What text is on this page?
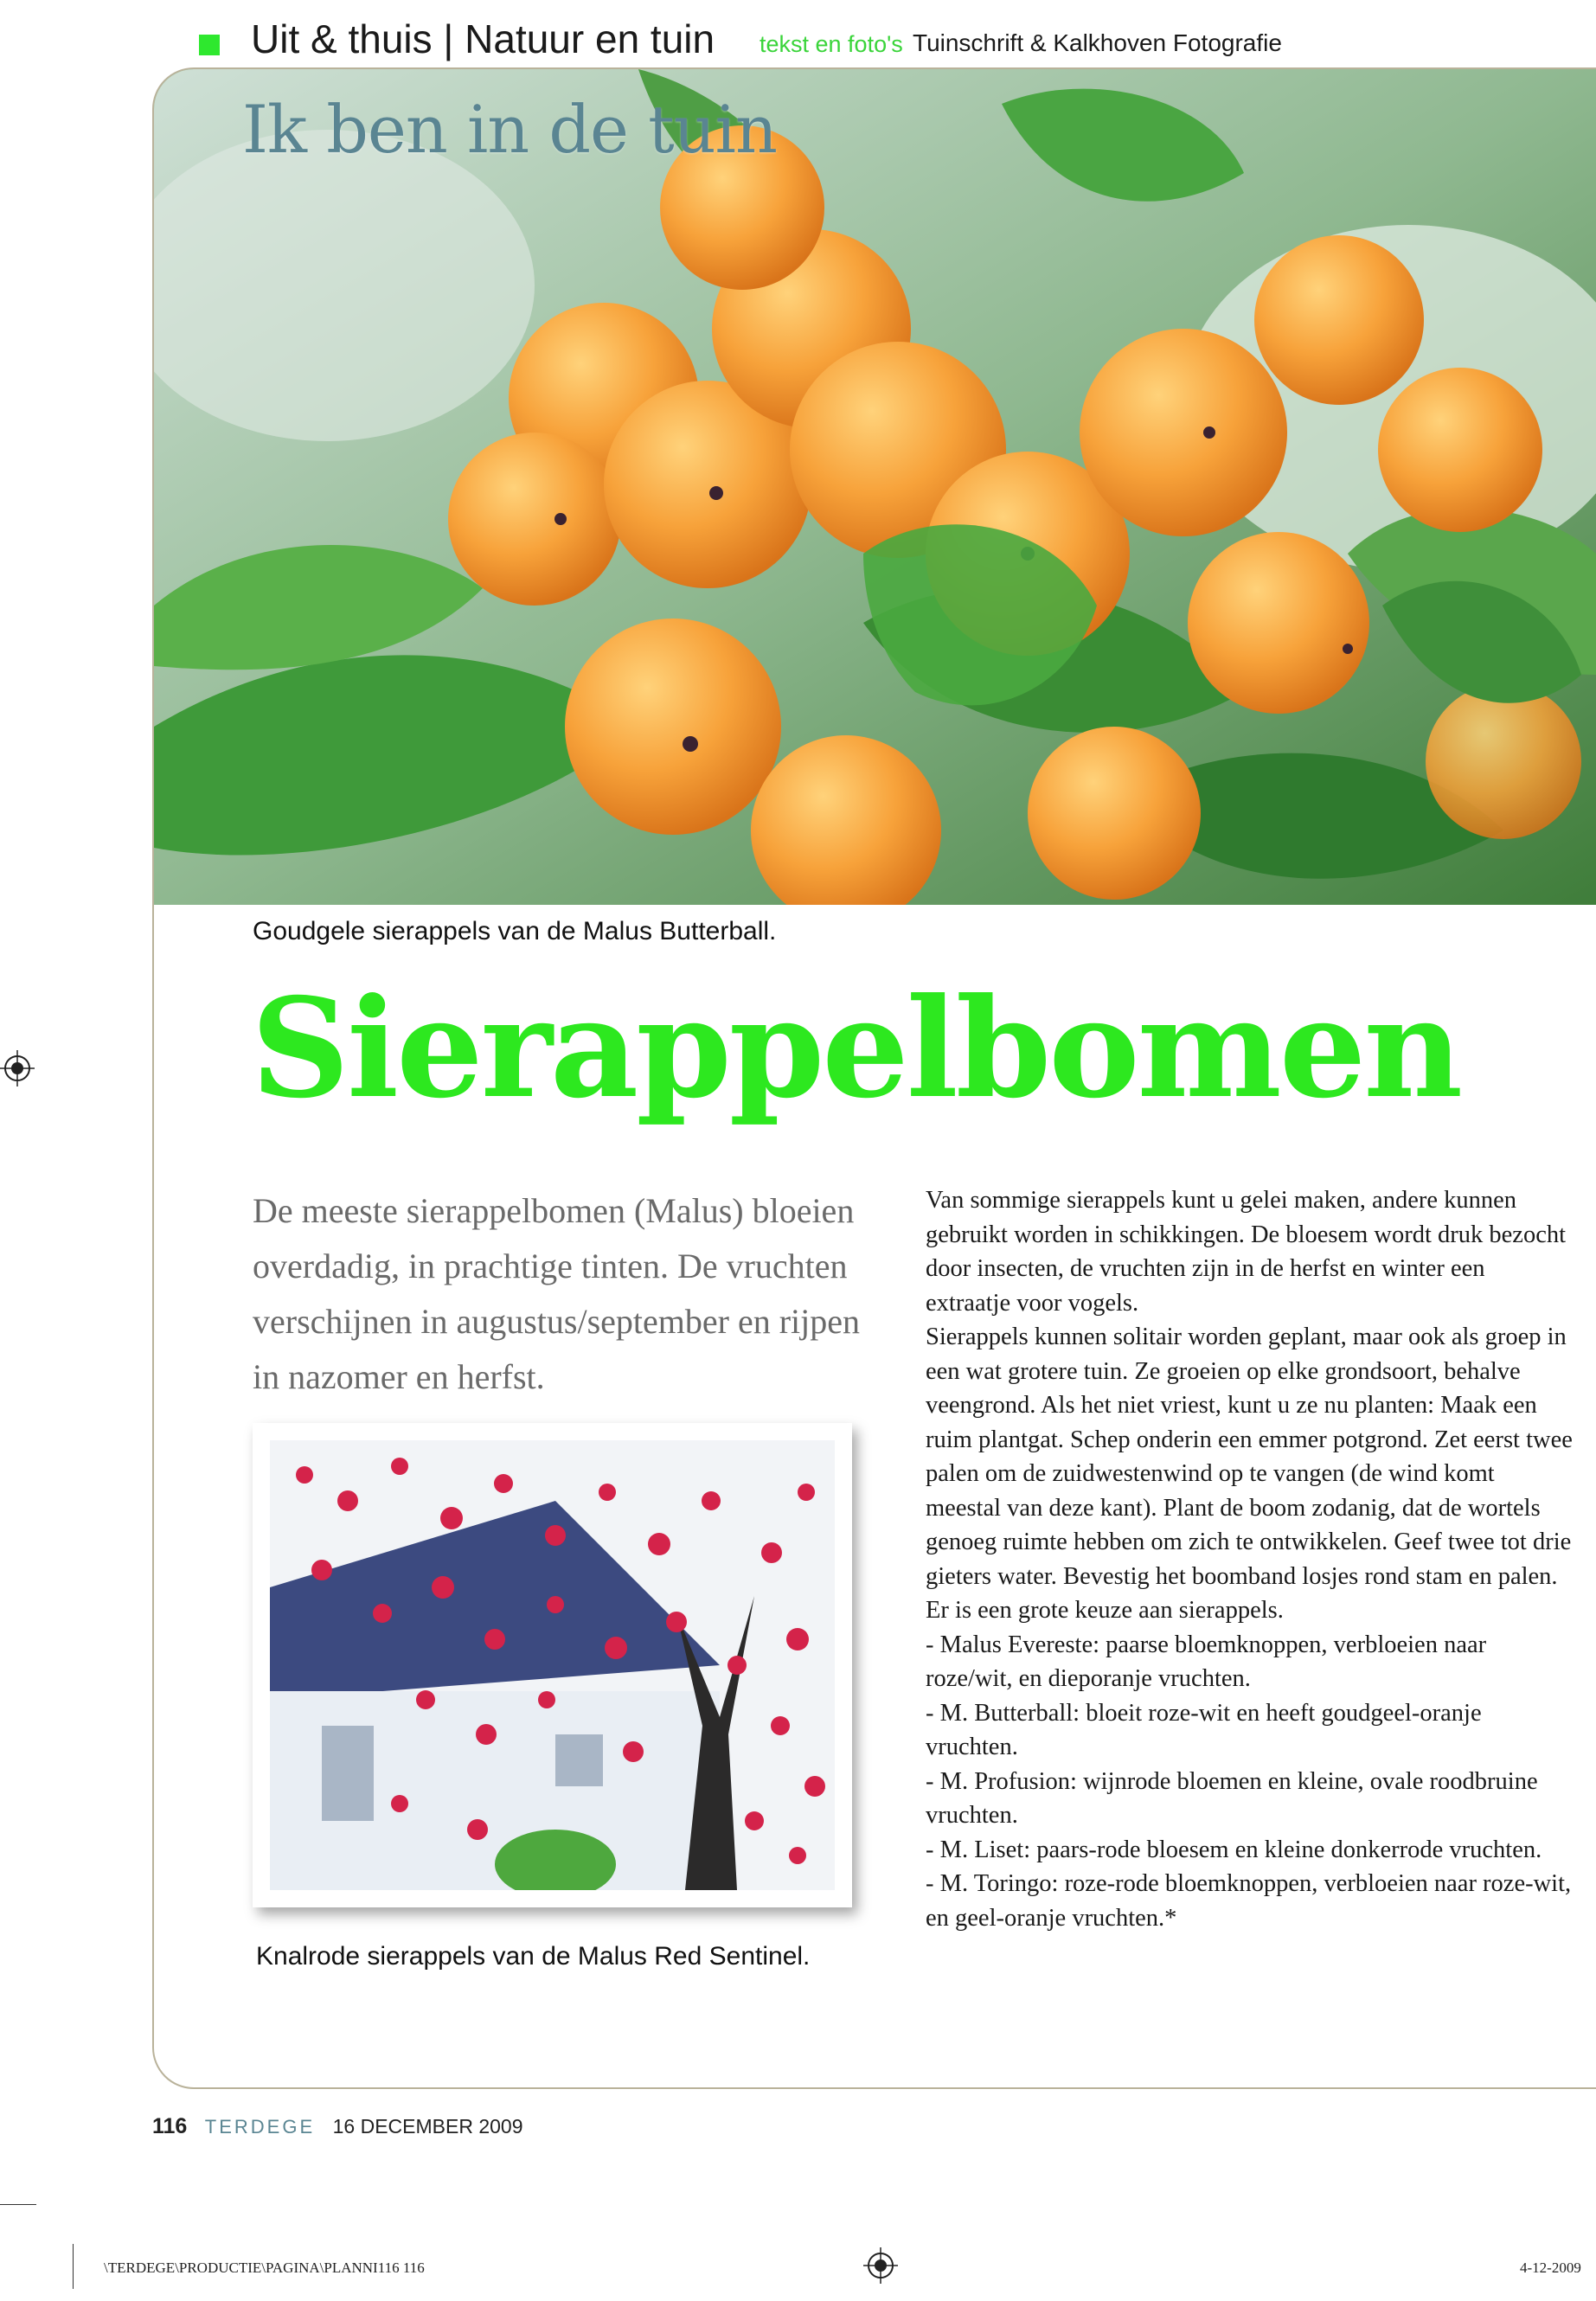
Uit & thuis | Natuur en tuin tekst en foto's Tuinschrift & Kalkhoven Fotografie
Ik ben in de tuin
Goudgele sierappels van de Malus Butterball.
Sierappelbomen
De meeste sierappelbomen (Malus) bloeien overdadig, in prachtige tinten. De vruchten verschijnen in augustus/september en rijpen in nazomer en herfst.
Knalrode sierappels van de Malus Red Sentinel.

Van sommige sierappels kunt u gelei maken, andere kunnen gebruikt worden in schikkingen. De bloesem wordt druk bezocht door insecten, de vruchten zijn in de herfst en winter een extraatje voor vogels.

Sierappels kunnen solitair worden geplant, maar ook als groep in een wat grotere tuin. Ze groeien op elke grondsoort, behalve veengrond. Als het niet vriest, kunt u ze nu planten: Maak een ruim plantgat. Schep onderin een emmer potgrond. Zet eerst twee palen om de zuidwestenwind op te vangen (de wind komt meestal van deze kant). Plant de boom zodanig, dat de wortels genoeg ruimte hebben om zich te ontwikkelen. Geef twee tot drie gieters water. Bevestig het boomband losjes rond stam en palen.

Er is een grote keuze aan sierappels.

- Malus Evereste: paarse bloemknoppen, verbloeien naar roze/wit, en dieporanje vruchten.

- M. Butterball: bloeit roze-wit en heeft goudgeel-oranje vruchten.

- M. Profusion: wijnrode bloemen en kleine, ovale roodbruine vruchten.

- M. Liset: paars-rode bloesem en kleine donkerrode vruchten.

- M. Toringo: roze-rode bloemknoppen, verbloeien naar roze-wit, en geel-oranje vruchten.*

116 TERDEGE 16 DECEMBER 2009
\TERDEGE\PRODUCTIE\PAGINA\PLANNI116 116	4-12-2009
